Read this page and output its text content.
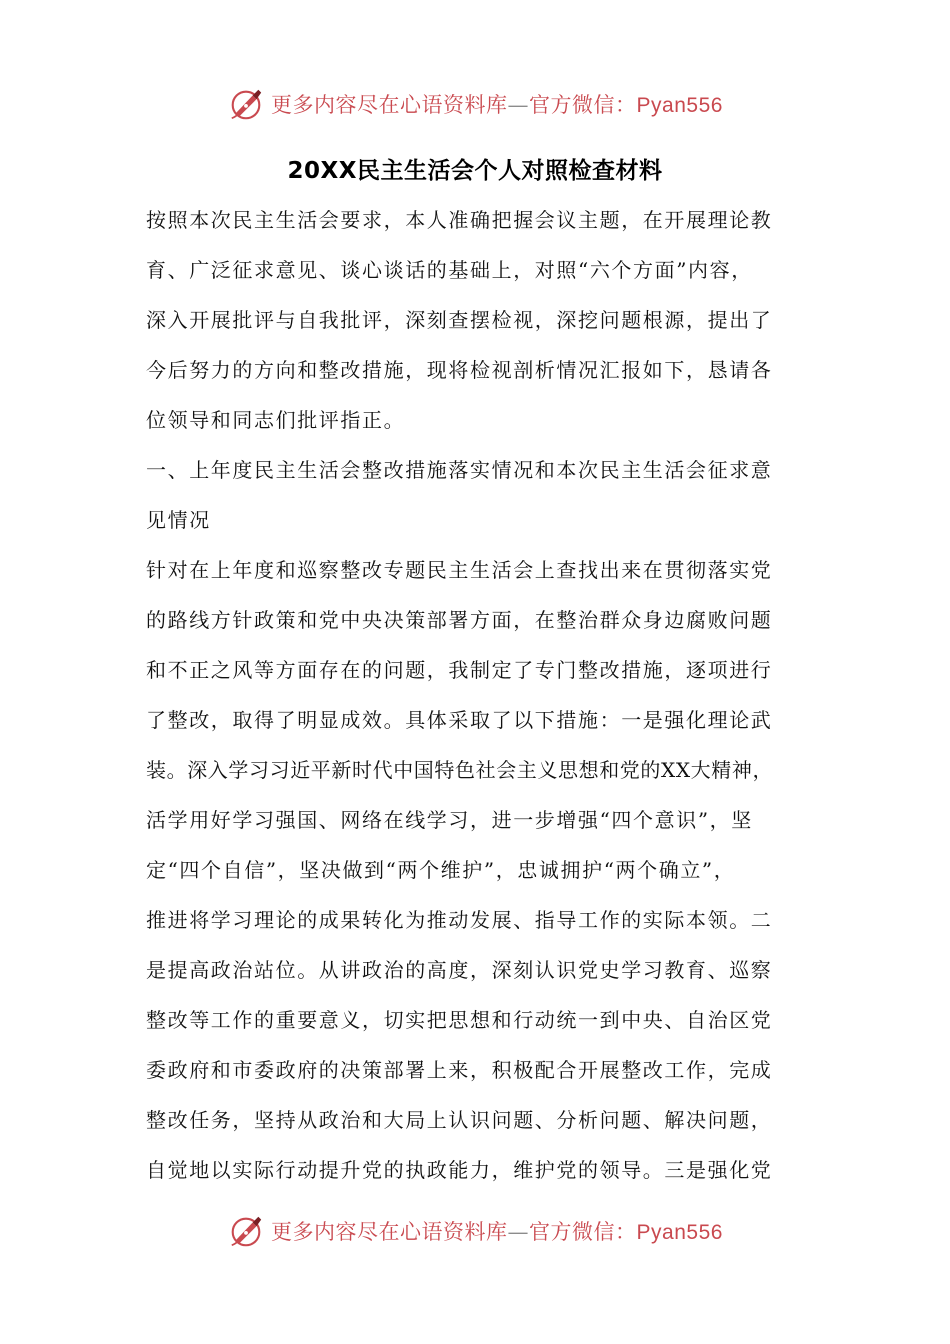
更多内容尽在心语资料库—官方微信：Pyan556
20XX民主生活会个人对照检查材料
按照本次民主生活会要求，本人准确把握会议主题，在开展理论教
育、广泛征求意见、谈心谈话的基础上，对照“六个方面”内容，
深入开展批评与自我批评，深刻查摆检视，深挖问题根源，提出了
今后努力的方向和整改措施，现将检视剖析情况汇报如下，恳请各
位领导和同志们批评指正。
一、上年度民主生活会整改措施落实情况和本次民主生活会征求意
见情况
针对在上年度和巡察整改专题民主生活会上查找出来在贯彻落实党
的路线方针政策和党中央决策部署方面，在整治群众身边腐败问题
和不正之风等方面存在的问题，我制定了专门整改措施，逐项进行
了整改，取得了明显成效。具体采取了以下措施：一是强化理论武
装。深入学习习近平新时代中国特色社会主义思想和党的XX大精神，
活学用好学习强国、网络在线学习，进一步增强“四个意识”，坚
定“四个自信”，坚决做到“两个维护”，忠诚拥护“两个确立”，
推进将学习理论的成果转化为推动发展、指导工作的实际本领。二
是提高政治站位。从讲政治的高度，深刻认识党史学习教育、巡察
整改等工作的重要意义，切实把思想和行动统一到中央、自治区党
委政府和市委政府的决策部署上来，积极配合开展整改工作，完成
整改任务，坚持从政治和大局上认识问题、分析问题、解决问题，
自觉地以实际行动提升党的执政能力，维护党的领导。三是强化党
更多内容尽在心语资料库—官方微信：Pyan556
